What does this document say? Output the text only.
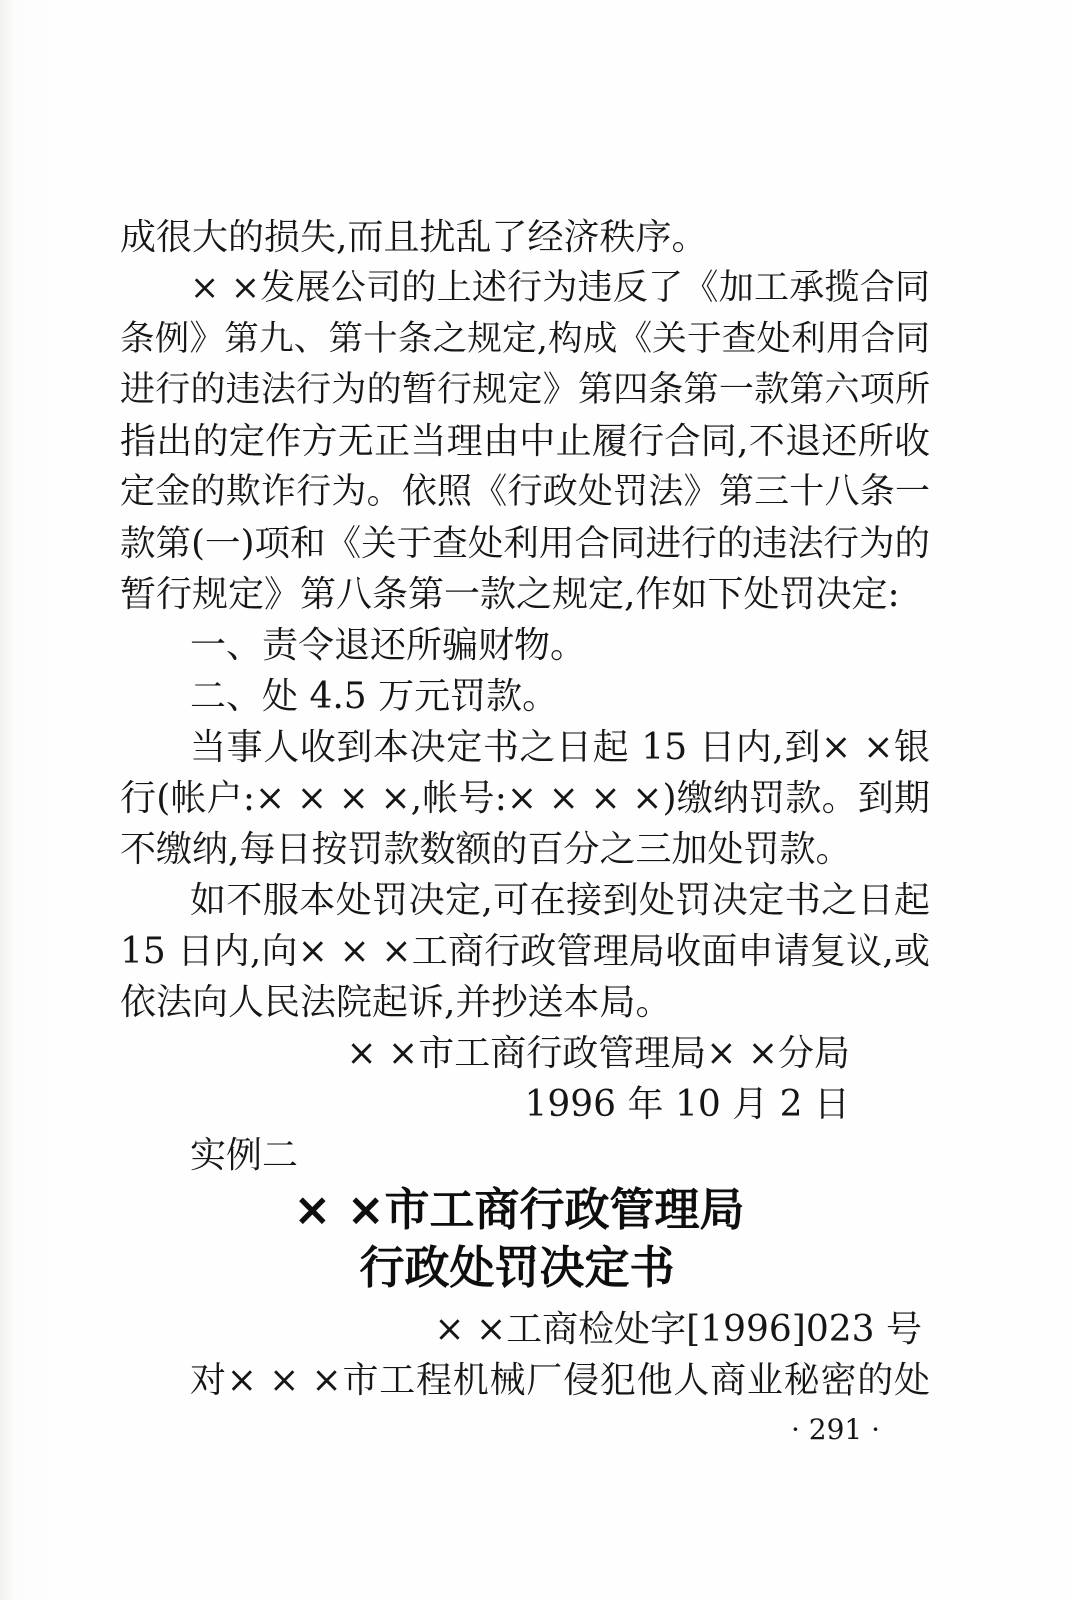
成很大的损失,而且扰乱了经济秩序。
× ×发展公司的上述行为违反了《加工承揽合同
条例》第九、第十条之规定,构成《关于查处利用合同
进行的违法行为的暂行规定》第四条第一款第六项所
指出的定作方无正当理由中止履行合同,不退还所收
定金的欺诈行为。依照《行政处罚法》第三十八条一
款第(一)项和《关于查处利用合同进行的违法行为的
暂行规定》第八条第一款之规定,作如下处罚决定:
一、责令退还所骗财物。
二、处 4.5 万元罚款。
当事人收到本决定书之日起 15 日内,到× ×银
行(帐户:× × × ×,帐号:× × × ×)缴纳罚款。到期
不缴纳,每日按罚款数额的百分之三加处罚款。
如不服本处罚决定,可在接到处罚决定书之日起
15 日内,向× × ×工商行政管理局收面申请复议,或
依法向人民法院起诉,并抄送本局。
× ×市工商行政管理局× ×分局
1996 年 10 月 2 日
实例二
× ×市工商行政管理局
行政处罚决定书
× ×工商检处字[1996]023 号
对× × ×市工程机械厂侵犯他人商业秘密的处
· 291 ·
